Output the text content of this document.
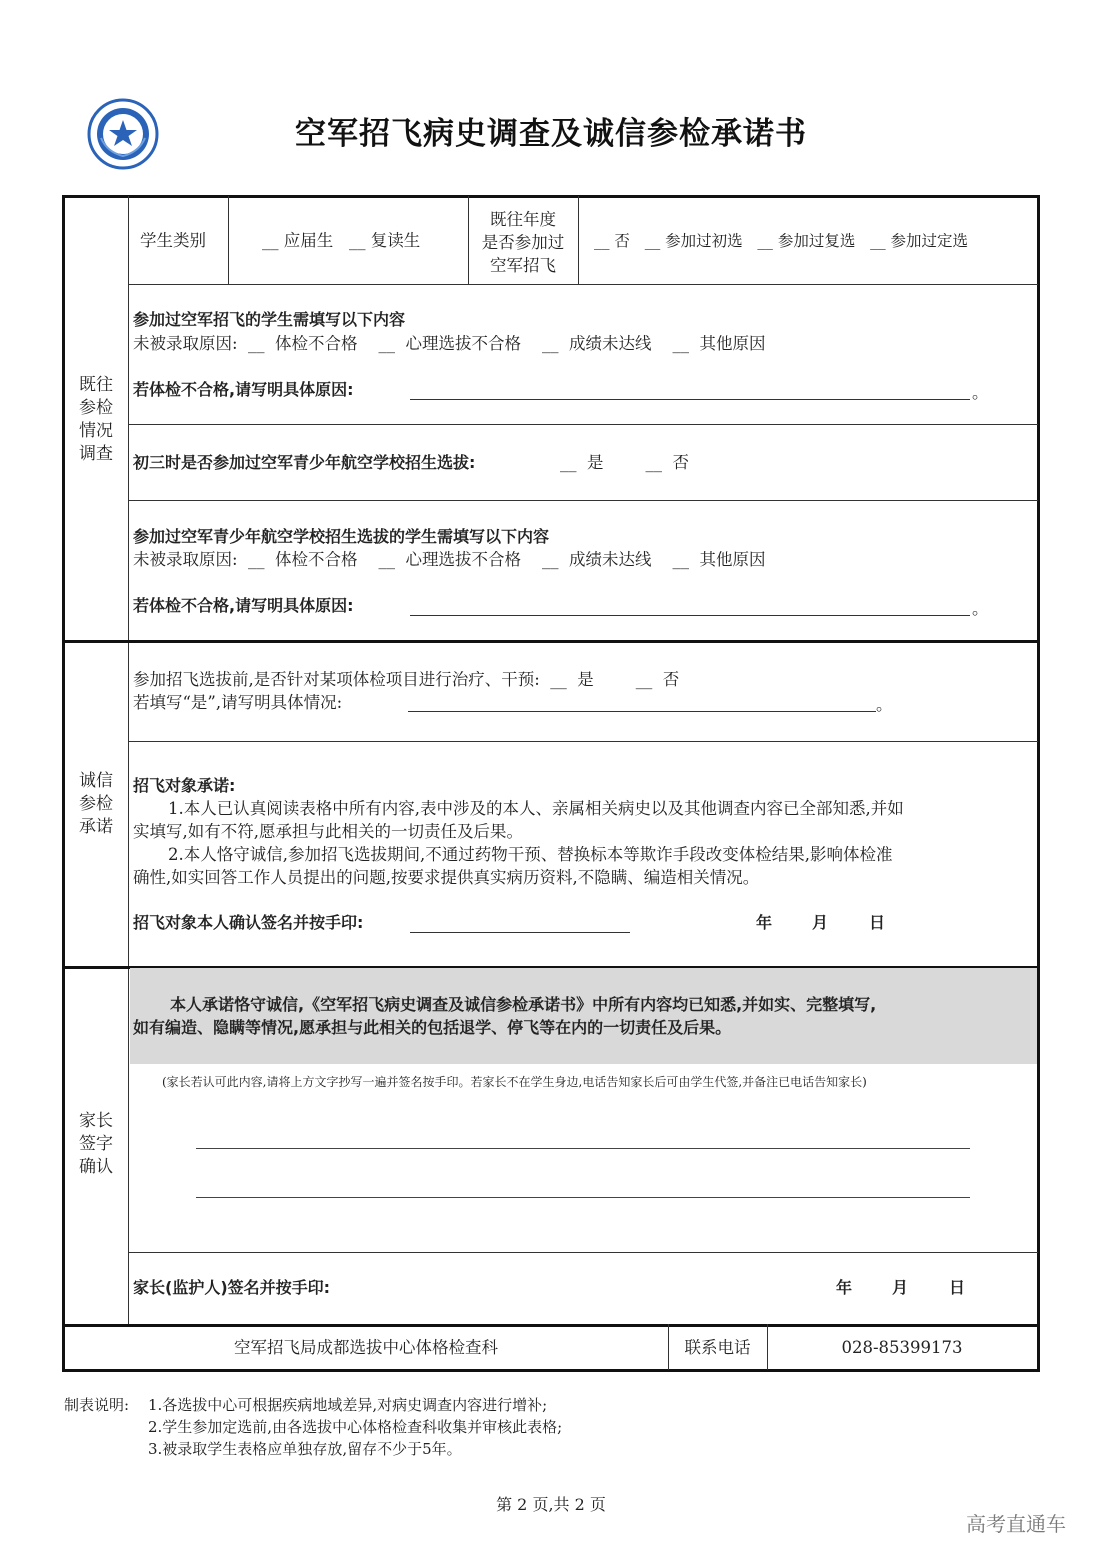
空军招飞病史调查及诚信参检承诺书
学生类别	__ 应届生   __ 复读生
既往年度
是否参加过
空军招飞
__ 否   __ 参加过初选   __ 参加过复选   __ 参加过定选
既往参检情况调查
参加过空军招飞的学生需填写以下内容
未被录取原因:  __  体检不合格    __  心理选拔不合格    __  成绩未达线    __  其他原因
若体检不合格,请写明具体原因:	。
初三时是否参加过空军青少年航空学校招生选拔:	__  是        __  否
参加过空军青少年航空学校招生选拔的学生需填写以下内容
未被录取原因:  __  体检不合格    __  心理选拔不合格    __  成绩未达线    __  其他原因
若体检不合格,请写明具体原因:	。
诚信参检承诺
参加招飞选拔前,是否针对某项体检项目进行治疗、干预:  __  是        __  否
若填写“是”,请写明具体情况:	。
招飞对象承诺:
1.本人已认真阅读表格中所有内容,表中涉及的本人、亲属相关病史以及其他调查内容已全部知悉,并如
实填写,如有不符,愿承担与此相关的一切责任及后果。
2.本人恪守诚信,参加招飞选拔期间,不通过药物干预、替换标本等欺诈手段改变体检结果,影响体检准
确性,如实回答工作人员提出的问题,按要求提供真实病历资料,不隐瞒、编造相关情况。
招飞对象本人确认签名并按手印:	年 月	日
家长签字确认
本人承诺恪守诚信,《空军招飞病史调查及诚信参检承诺书》中所有内容均已知悉,并如实、完整填写,
如有编造、隐瞒等情况,愿承担与此相关的包括退学、停飞等在内的一切责任及后果。
(家长若认可此内容,请将上方文字抄写一遍并签名按手印。若家长不在学生身边,电话告知家长后可由学生代签,并备注已电话告知家长)
家长(监护人)签名并按手印:	年 月	日
空军招飞局成都选拔中心体格检查科	联系电话	028-85399173
制表说明: 1.各选拔中心可根据疾病地域差异,对病史调查内容进行增补;
2.学生参加定选前,由各选拔中心体格检查科收集并审核此表格;
3.被录取学生表格应单独存放,留存不少于5年。
第 2 页,共 2 页
高考直通车
